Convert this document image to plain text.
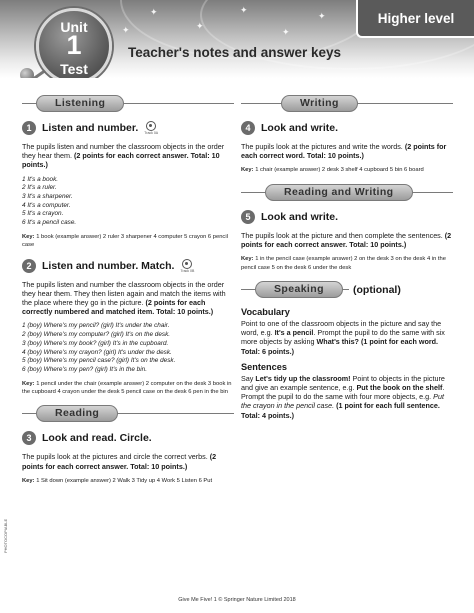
✦
✦
✦
✦
✦
✦
Higher level
Unit
1
Test
Teacher's notes and answer keys
Listening
1	Listen and number. Track 0A

The pupils listen and number the classroom objects in the order they hear them. (2 points for each correct answer. Total: 10 points.)

1 It's a book.
2 It's a ruler.
3 It's a sharpener.
4 It's a computer.
5 It's a crayon.
6 It's a pencil case.

Key: 1 book (example answer) 2 ruler 3 sharpener 4 computer 5 crayon 6 pencil case

2	Listen and number. Match. Track 0B

The pupils listen and number the classroom objects in the order they hear them. They then listen again and match the items with the place where they go in the picture. (2 points for each correctly numbered and matched item. Total: 10 points.)

1 (boy) Where's my pencil? (girl) It's under the chair.
2 (boy) Where's my computer? (girl) It's on the desk.
3 (boy) Where's my book? (girl) It's in the cupboard.
4 (boy) Where's my crayon? (girl) It's under the desk.
5 (boy) Where's my pencil case? (girl) It's on the desk.
6 (boy) Where's my pen? (girl) It's in the bin.

Key: 1 pencil under the chair (example answer) 2 computer on the desk 3 book in the cupboard 4 crayon under the desk 5 pencil case on the desk 6 pen in the bin

Reading
3	Look and read. Circle.

The pupils look at the pictures and circle the correct verbs. (2 points for each correct answer. Total: 10 points.)

Key: 1 Sit down (example answer) 2 Walk 3 Tidy up 4 Work 5 Listen 6 Put

Writing
4	Look and write.

The pupils look at the pictures and write the words. (2 points for each correct word. Total: 10 points.)

Key: 1 chair (example answer) 2 desk 3 shelf 4 cupboard 5 bin 6 board

Reading and Writing
5	Look and write.

The pupils look at the picture and then complete the sentences. (2 points for each correct answer. Total: 10 points.)

Key: 1 in the pencil case (example answer) 2 on the desk 3 on the desk 4 in the pencil case 5 on the desk 6 under the desk

Speaking	(optional)
Vocabulary

Point to one of the classroom objects in the picture and say the word, e.g. It's a pencil. Prompt the pupil to do the same with six more objects by asking What's this? (1 point for each word. Total: 6 points.)

Sentences

Say Let's tidy up the classroom! Point to objects in the picture and give an example sentence, e.g. Put the book on the shelf. Prompt the pupil to do the same with four more objects, e.g. Put the crayon in the pencil case. (1 point for each full sentence. Total: 4 points.)

PHOTOCOPIABLE
Give Me Five! 1 © Springer Nature Limited 2018
